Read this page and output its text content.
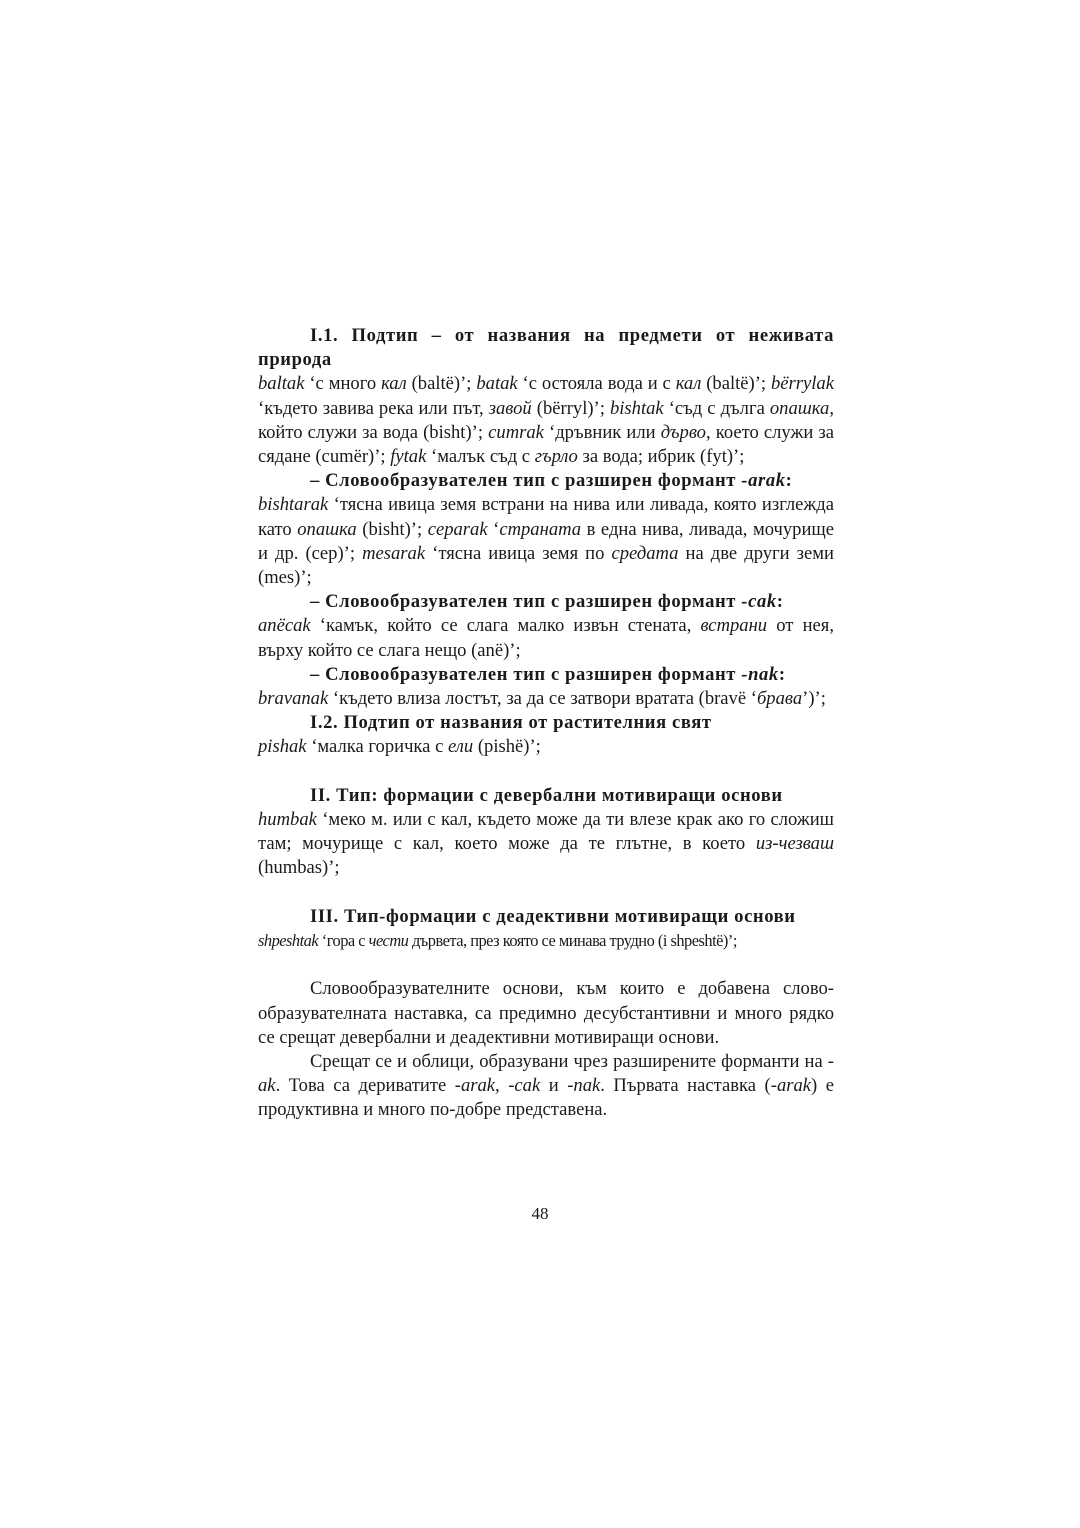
I.1. Подтип – от названия на предмети от неживата природа

baltak ‘с много кал (baltë)’; batak ‘с остояла вода и с кал (baltë)’; bërrylak ‘където завива река или път, завой (bërryl)’; bishtak ‘съд с дълга опашка, който служи за вода (bisht)’; cumrak ‘дръвник или дърво, което служи за сядане (cumër)’; fytak ‘малък съд с гърло за вода; ибрик (fyt)’;

– Словообразувателен тип с разширен формант -arak:

bishtarak ‘тясна ивица земя встрани на нива или ливада, която изглежда като опашка (bisht)’; ceparak ‘страната в една нива, ливада, мочурище и др. (cep)’; mesarak ‘тясна ивица земя по средата на две други земи (mes)’;

– Словообразувателен тип с разширен формант -cak:

anëcak ‘камък, който се слага малко извън стената, встрани от нея, върху който се слага нещо (anë)’;

– Словообразувателен тип с разширен формант -nak:

bravanak ‘където влиза лостът, за да се затвори вратата (bravë ‘брава’)’;

I.2. Подтип от названия от растителния свят

pishak ‘малка горичка с ели (pishë)’;

II. Тип: формации с девербални мотивиращи основи

humbak ‘меко м. или с кал, където може да ти влезе крак ако го сложиш там; мочурище с кал, което може да те глътне, в което из-чезваш (humbas)’;

III. Тип-формации с деадективни мотивиращи основи

shpeshtak ‘гора с чести дървета, през която се минава трудно (i shpeshtë)’;

Словообразувателните основи, към които е добавена слово-образувателната наставка, са предимно десубстантивни и много рядко се срещат девербални и деадективни мотивиращи основи.

Срещат се и облици, образувани чрез разширените форманти на -ak. Това са дериватите -arak, -cak и -nak. Първата наставка (-arak) е продуктивна и много по-добре представена.

48
